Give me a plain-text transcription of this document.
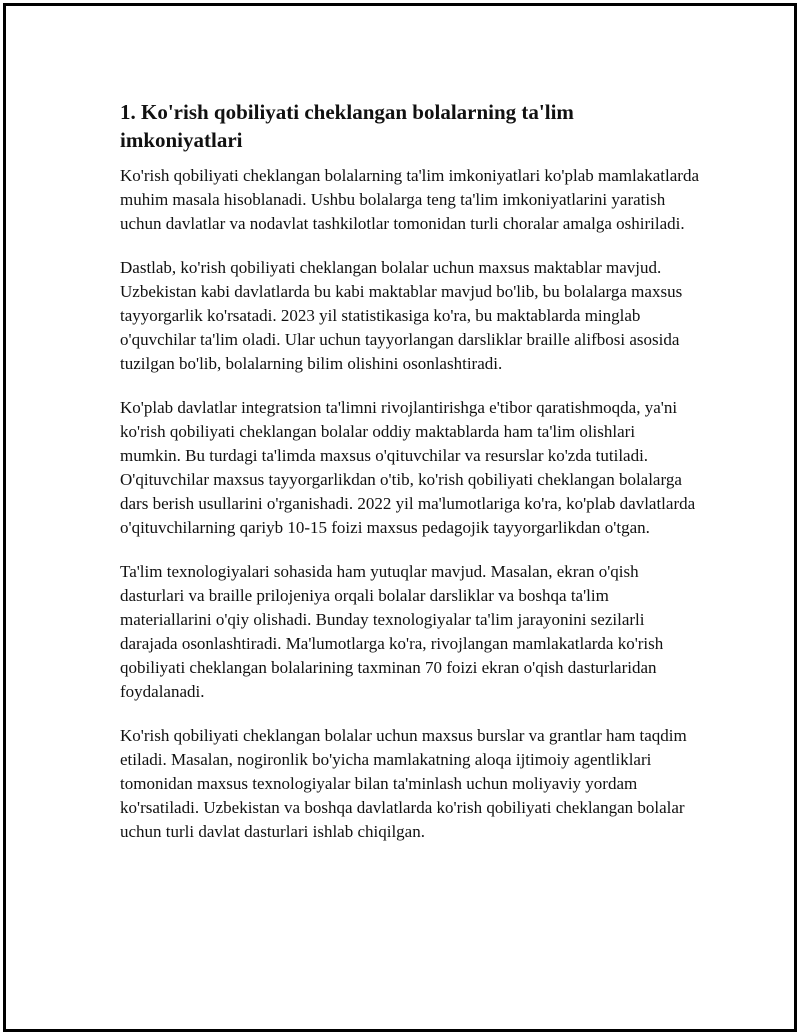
1. Ko'rish qobiliyati cheklangan bolalarning ta'lim imkoniyatlari

Ko'rish qobiliyati cheklangan bolalarning ta'lim imkoniyatlari ko'plab mamlakatlarda muhim masala hisoblanadi. Ushbu bolalarga teng ta'lim imkoniyatlarini yaratish uchun davlatlar va nodavlat tashkilotlar tomonidan turli choralar amalga oshiriladi.

Dastlab, ko'rish qobiliyati cheklangan bolalar uchun maxsus maktablar mavjud. Uzbekistan kabi davlatlarda bu kabi maktablar mavjud bo'lib, bu bolalarga maxsus tayyorgarlik ko'rsatadi. 2023 yil statistikasiga ko'ra, bu maktablarda minglab o'quvchilar ta'lim oladi. Ular uchun tayyorlangan darsliklar braille alifbosi asosida tuzilgan bo'lib, bolalarning bilim olishini osonlashtiradi.

Ko'plab davlatlar integratsion ta'limni rivojlantirishga e'tibor qaratishmoqda, ya'ni ko'rish qobiliyati cheklangan bolalar oddiy maktablarda ham ta'lim olishlari mumkin. Bu turdagi ta'limda maxsus o'qituvchilar va resurslar ko'zda tutiladi. O'qituvchilar maxsus tayyorgarlikdan o'tib, ko'rish qobiliyati cheklangan bolalarga dars berish usullarini o'rganishadi. 2022 yil ma'lumotlariga ko'ra, ko'plab davlatlarda o'qituvchilarning qariyb 10-15 foizi maxsus pedagojik tayyorgarlikdan o'tgan.

Ta'lim texnologiyalari sohasida ham yutuqlar mavjud. Masalan, ekran o'qish dasturlari va braille prilojeniya orqali bolalar darsliklar va boshqa ta'lim materiallarini o'qiy olishadi. Bunday texnologiyalar ta'lim jarayonini sezilarli darajada osonlashtiradi. Ma'lumotlarga ko'ra, rivojlangan mamlakatlarda ko'rish qobiliyati cheklangan bolalarining taxminan 70 foizi ekran o'qish dasturlaridan foydalanadi.

Ko'rish qobiliyati cheklangan bolalar uchun maxsus burslar va grantlar ham taqdim etiladi. Masalan, nogironlik bo'yicha mamlakatning aloqa ijtimoiy agentliklari tomonidan maxsus texnologiyalar bilan ta'minlash uchun moliyaviy yordam ko'rsatiladi. Uzbekistan va boshqa davlatlarda ko'rish qobiliyati cheklangan bolalar uchun turli davlat dasturlari ishlab chiqilgan.
